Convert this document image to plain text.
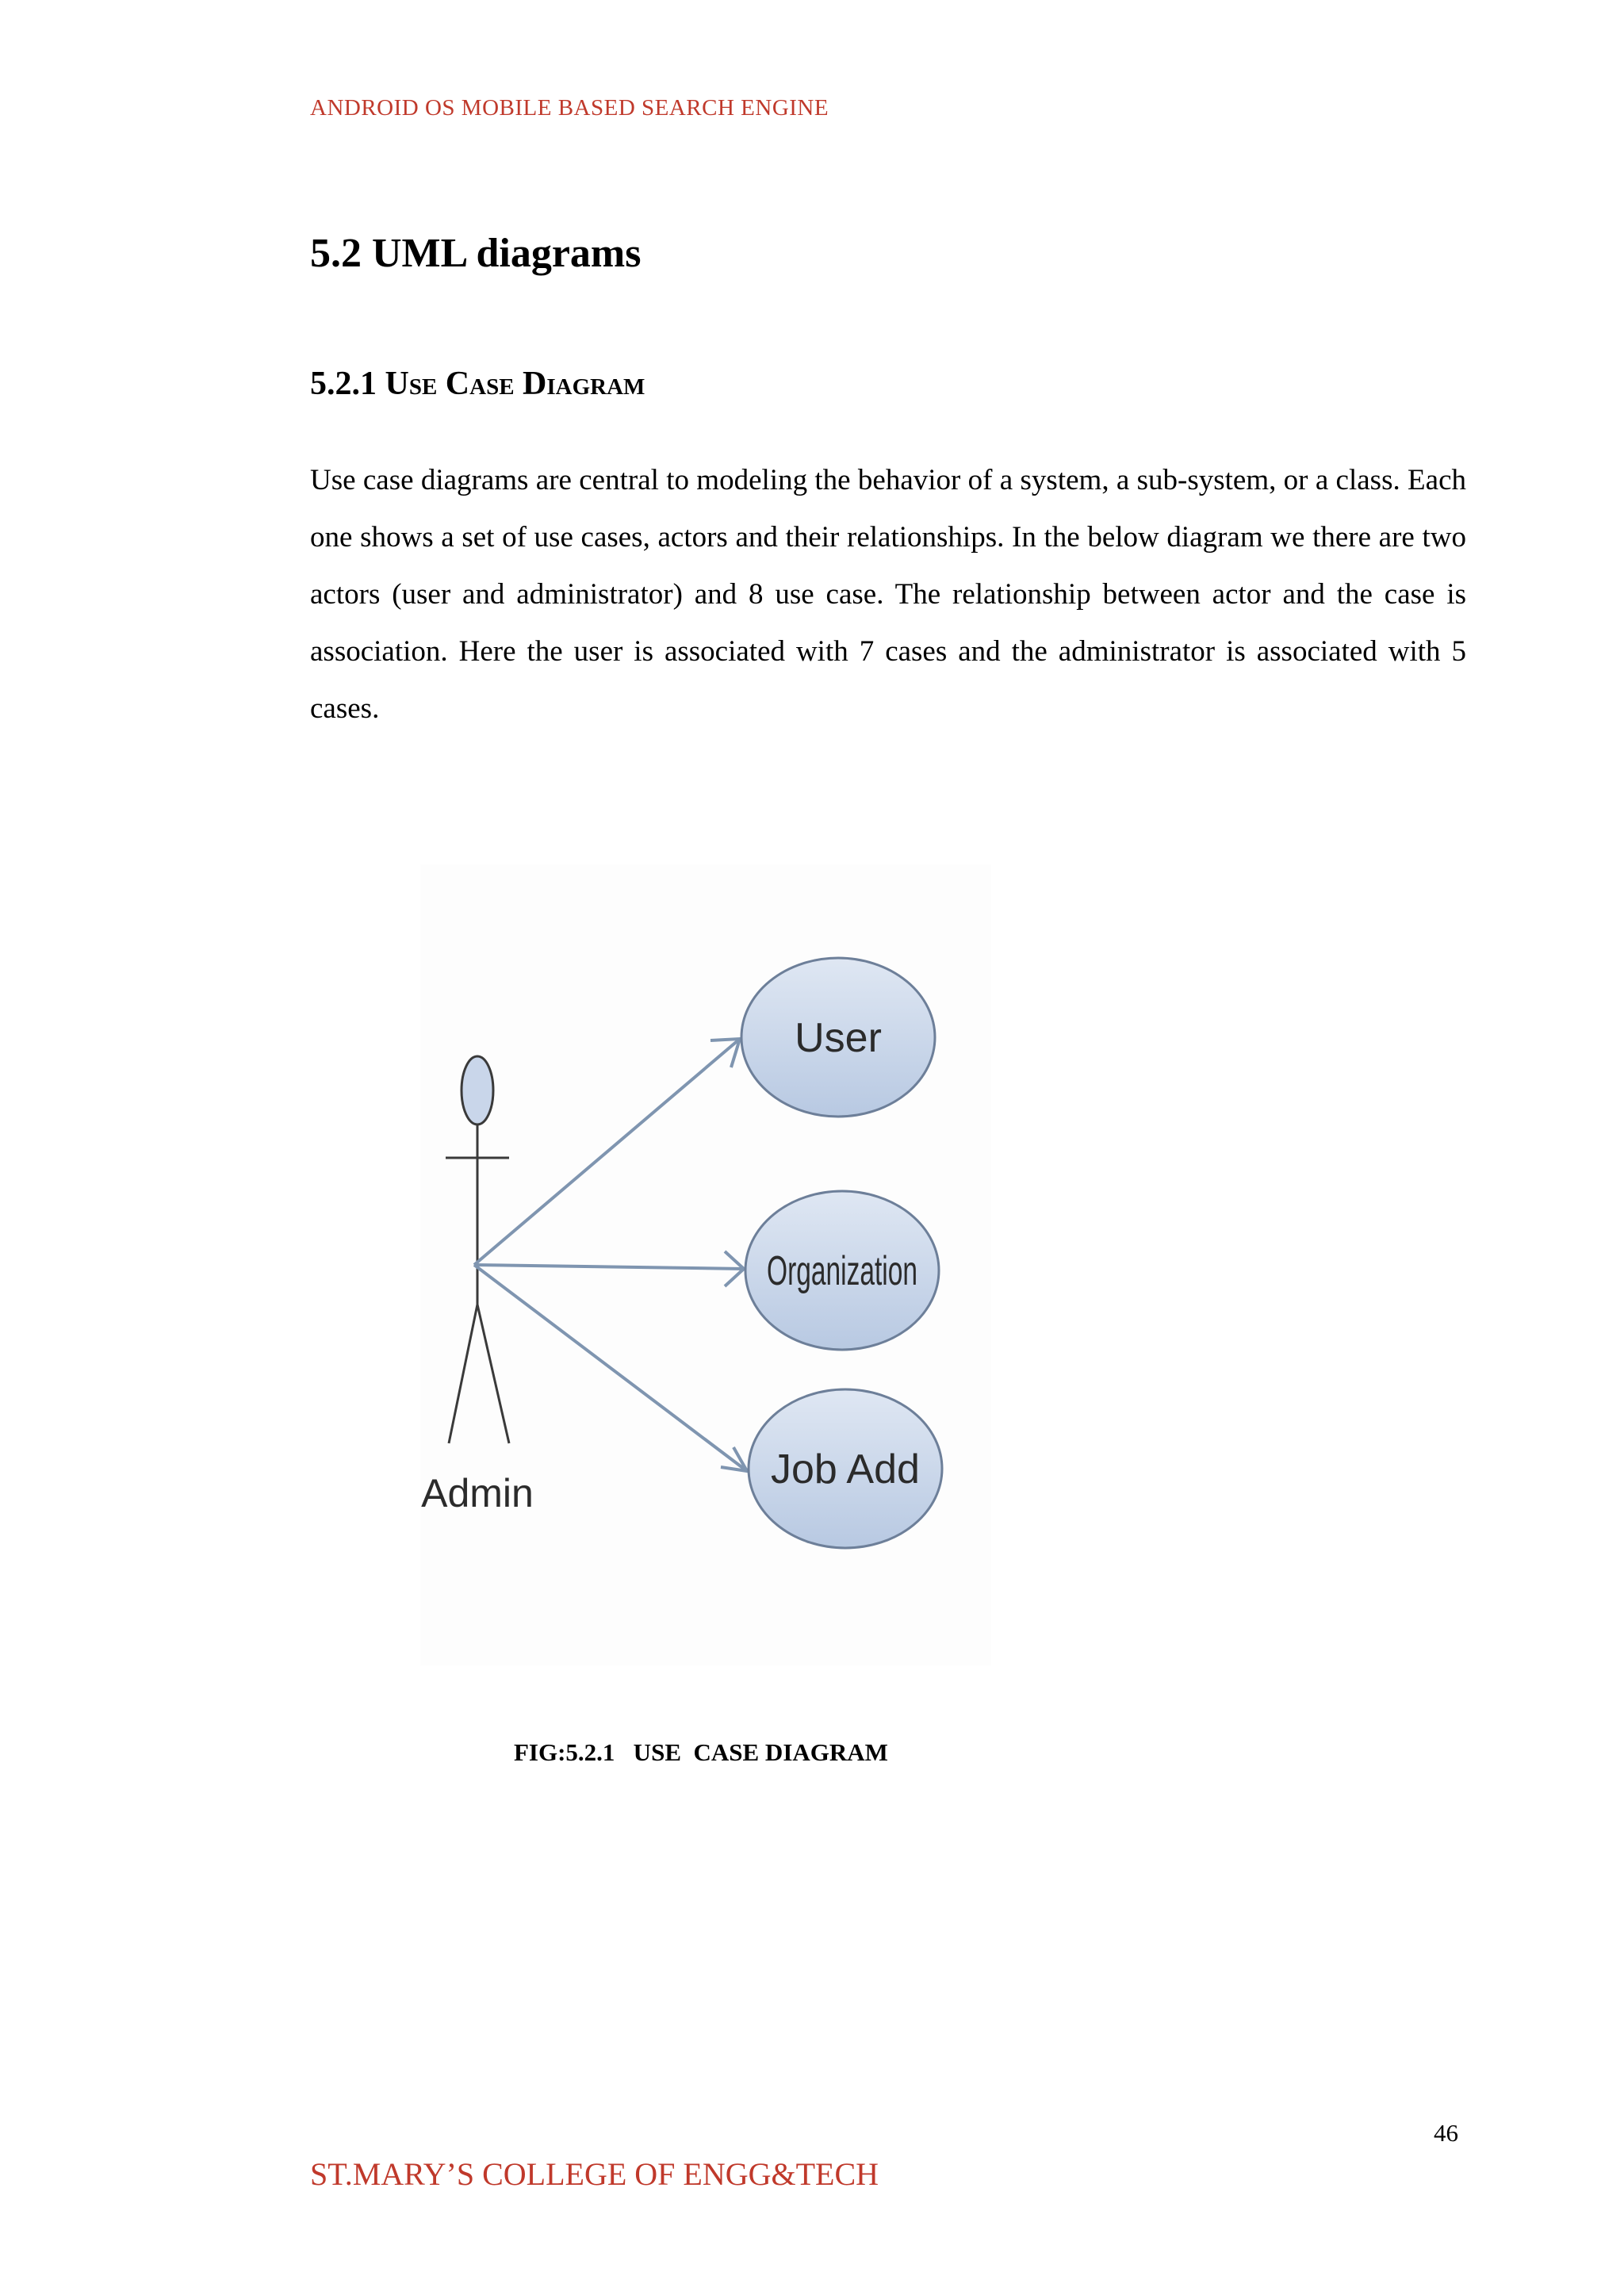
ANDROID OS MOBILE BASED SEARCH ENGINE
5.2 UML diagrams
5.2.1 Use Case Diagram

Use case diagrams are central to modeling the behavior of a system, a sub-system, or a class. Each one shows a set of use cases, actors and their relationships. In the below diagram we there are two actors (user and administrator) and 8 use case. The relationship between actor and the case is association. Here the user is associated with 7 cases and the administrator is associated with 5 cases.

Admin
User
Organization
Job Add
FIG:5.2.1   USE  CASE DIAGRAM
46
ST.MARY’S COLLEGE OF ENGG&TECH
